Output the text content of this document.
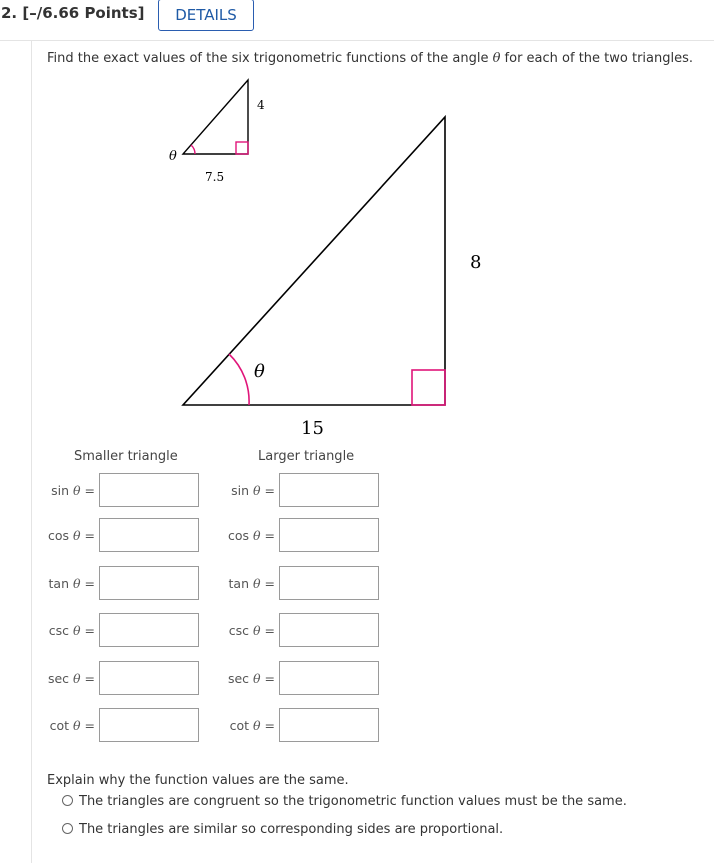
2. [–/6.66 Points]	DETAILS
Find the exact values of the six trigonometric functions of the angle θ for each of the two triangles.
θ
4
7.5
θ
8
15
Smaller triangle	Larger triangle
sin θ =	sin θ =
cos θ =	cos θ =
tan θ =	tan θ =
csc θ =	csc θ =
sec θ =	sec θ =
cot θ =	cot θ =
Explain why the function values are the same.
The triangles are congruent so the trigonometric function values must be the same.
The triangles are similar so corresponding sides are proportional.
